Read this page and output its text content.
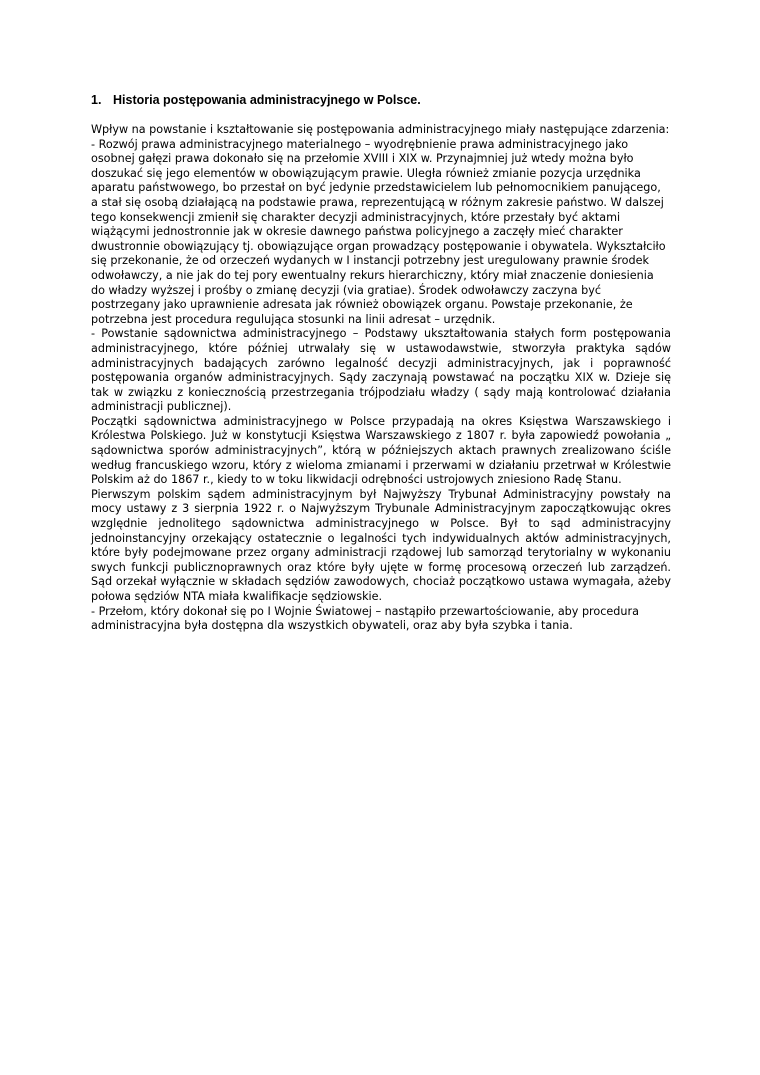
1. Historia postępowania administracyjnego w Polsce.

Wpływ na powstanie i kształtowanie się postępowania administracyjnego miały następujące zdarzenia:

- Rozwój prawa administracyjnego materialnego – wyodrębnienie prawa administracyjnego jako osobnej gałęzi prawa dokonało się na przełomie XVIII i XIX w. Przynajmniej już wtedy można było doszukać się jego elementów w obowiązującym prawie. Uległa również zmianie pozycja urzędnika aparatu państwowego, bo przestał on być jedynie przedstawicielem lub pełnomocnikiem panującego, a stał się osobą działającą na podstawie prawa, reprezentującą w różnym zakresie państwo. W dalszej tego konsekwencji zmienił się charakter decyzji administracyjnych, które przestały być aktami wiążącymi jednostronnie jak w okresie dawnego państwa policyjnego a zaczęły mieć charakter dwustronnie obowiązujący tj. obowiązujące organ prowadzący postępowanie i obywatela. Wykształciło się przekonanie, że od orzeczeń wydanych w I instancji potrzebny jest uregulowany prawnie środek odwoławczy, a nie jak do tej pory ewentualny rekurs hierarchiczny, który miał znaczenie doniesienia do władzy wyższej i prośby o zmianę decyzji (via gratiae). Środek odwoławczy zaczyna być postrzegany jako uprawnienie adresata jak również obowiązek organu. Powstaje przekonanie, że potrzebna jest procedura regulująca stosunki na linii adresat – urzędnik.

- Powstanie sądownictwa administracyjnego – Podstawy ukształtowania stałych form postępowania administracyjnego, które później utrwalały się w ustawodawstwie, stworzyła praktyka sądów administracyjnych badających zarówno legalność decyzji administracyjnych, jak i poprawność postępowania organów administracyjnych. Sądy zaczynają powstawać na początku XIX w. Dzieje się tak w związku z koniecznością przestrzegania trójpodziału władzy ( sądy mają kontrolować działania administracji publicznej).

Początki sądownictwa administracyjnego w Polsce przypadają na okres Księstwa Warszawskiego i Królestwa Polskiego. Już w konstytucji Księstwa Warszawskiego z 1807 r. była zapowiedź powołania „ sądownictwa sporów administracyjnych”, którą w późniejszych aktach prawnych zrealizowano ściśle według francuskiego wzoru, który z wieloma zmianami i przerwami w działaniu przetrwał w Królestwie Polskim aż do 1867 r., kiedy to w toku likwidacji odrębności ustrojowych zniesiono Radę Stanu.

Pierwszym polskim sądem administracyjnym był Najwyższy Trybunał Administracyjny powstały na mocy ustawy z 3 sierpnia 1922 r. o Najwyższym Trybunale Administracyjnym zapoczątkowując okres względnie jednolitego sądownictwa administracyjnego w Polsce. Był to sąd administracyjny jednoinstancyjny orzekający ostatecznie o legalności tych indywidualnych aktów administracyjnych, które były podejmowane przez organy administracji rządowej lub samorząd terytorialny w wykonaniu swych funkcji publicznoprawnych oraz które były ujęte w formę procesową orzeczeń lub zarządzeń. Sąd orzekał wyłącznie w składach sędziów zawodowych, chociaż początkowo ustawa wymagała, ażeby połowa sędziów NTA miała kwalifikacje sędziowskie.

- Przełom, który dokonał się po I Wojnie Światowej – nastąpiło przewartościowanie, aby procedura administracyjna była dostępna dla wszystkich obywateli, oraz aby była szybka i tania.
